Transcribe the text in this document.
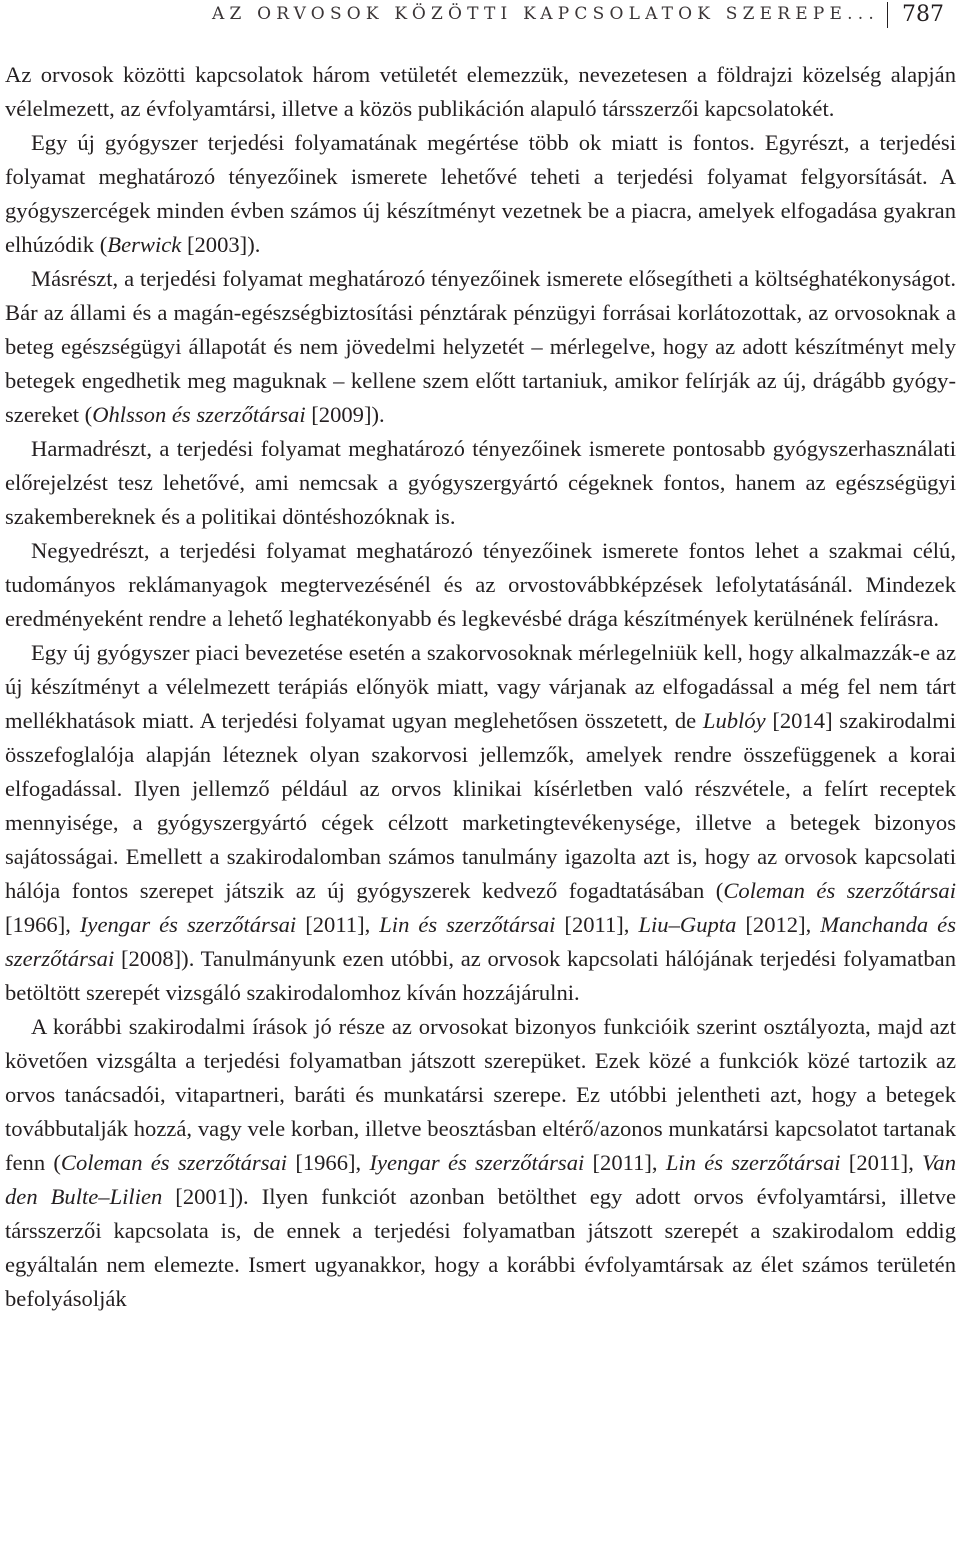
AZ ORVOSOK KÖZÖTTI KAPCSOLATOK SZEREPE... 787

Az orvosok közötti kapcsolatok három vetületét elemezzük, nevezetesen a földrajzi közelség alapján vélelmezett, az évfolyamtársi, illetve a közös publikáción alapuló társszerzői kapcsolatokét.

Egy új gyógyszer terjedési folyamatának megértése több ok miatt is fontos. Egyrészt, a terjedési folyamat meghatározó tényezőinek ismerete lehetővé teheti a terjedési folyamat felgyorsítását. A gyógyszercégek minden évben számos új készítményt vezetnek be a piacra, amelyek elfogadása gyakran elhúzódik (Berwick [2003]).

Másrészt, a terjedési folyamat meghatározó tényezőinek ismerete elősegítheti a költséghatékonyságot. Bár az állami és a magán-egészségbiztosítási pénztárak pénzügyi forrásai korlátozottak, az orvosoknak a beteg egészségügyi állapotát és nem jövedelmi helyzetét – mérlegelve, hogy az adott készítményt mely betegek engedhetik meg maguknak – kellene szem előtt tartaniuk, amikor felírják az új, drágább gyógyszereket (Ohlsson és szerzőtársai [2009]).

Harmadrészt, a terjedési folyamat meghatározó tényezőinek ismerete pontosabb gyógyszerhasználati előrejelzést tesz lehetővé, ami nemcsak a gyógyszergyártó cégeknek fontos, hanem az egészségügyi szakembereknek és a politikai döntéshozóknak is.

Negyedrészt, a terjedési folyamat meghatározó tényezőinek ismerete fontos lehet a szakmai célú, tudományos reklámanyagok megtervezésénél és az orvostovábbképzések lefolytatásánál. Mindezek eredményeként rendre a lehető leghatékonyabb és legkevésbé drága készítmények kerülnének felírásra.

Egy új gyógyszer piaci bevezetése esetén a szakorvosoknak mérlegelniük kell, hogy alkalmazzák-e az új készítményt a vélelmezett terápiás előnyök miatt, vagy várjanak az elfogadással a még fel nem tárt mellékhatások miatt. A terjedési folyamat ugyan meglehetősen összetett, de Lublóy [2014] szakirodalmi összefoglalója alapján léteznek olyan szakorvosi jellemzők, amelyek rendre összefüggenek a korai elfogadással. Ilyen jellemző például az orvos klinikai kísérletben való részvétele, a felírt receptek mennyisége, a gyógyszergyártó cégek célzott marketingtevékenysége, illetve a betegek bizonyos sajátosságai. Emellett a szakirodalomban számos tanulmány igazolta azt is, hogy az orvosok kapcsolati hálója fontos szerepet játszik az új gyógyszerek kedvező fogadtatásában (Coleman és szerzőtársai [1966], Iyengar és szerzőtársai [2011], Lin és szerzőtársai [2011], Liu–Gupta [2012], Manchanda és szerzőtársai [2008]). Tanulmányunk ezen utóbbi, az orvosok kapcsolati hálójának terjedési folyamatban betöltött szerepét vizsgáló szakirodalomhoz kíván hozzájárulni.

A korábbi szakirodalmi írások jó része az orvosokat bizonyos funkcióik szerint osztályozta, majd azt követően vizsgálta a terjedési folyamatban játszott szerepüket. Ezek közé a funkciók közé tartozik az orvos tanácsadói, vitapartneri, baráti és munkatársi szerepe. Ez utóbbi jelentheti azt, hogy a betegek továbbutalják hozzá, vagy vele korban, illetve beosztásban eltérő/azonos munkatársi kapcsolatot tartanak fenn (Coleman és szerzőtársai [1966], Iyengar és szerzőtársai [2011], Lin és szerzőtársai [2011], Van den Bulte–Lilien [2001]). Ilyen funkciót azonban betölthet egy adott orvos évfolyamtársi, illetve társszerzői kapcsolata is, de ennek a terjedési folyamatban játszott szerepét a szakirodalom eddig egyáltalán nem elemezte. Ismert ugyanakkor, hogy a korábbi évfolyamtársak az élet számos területén befolyásolják
